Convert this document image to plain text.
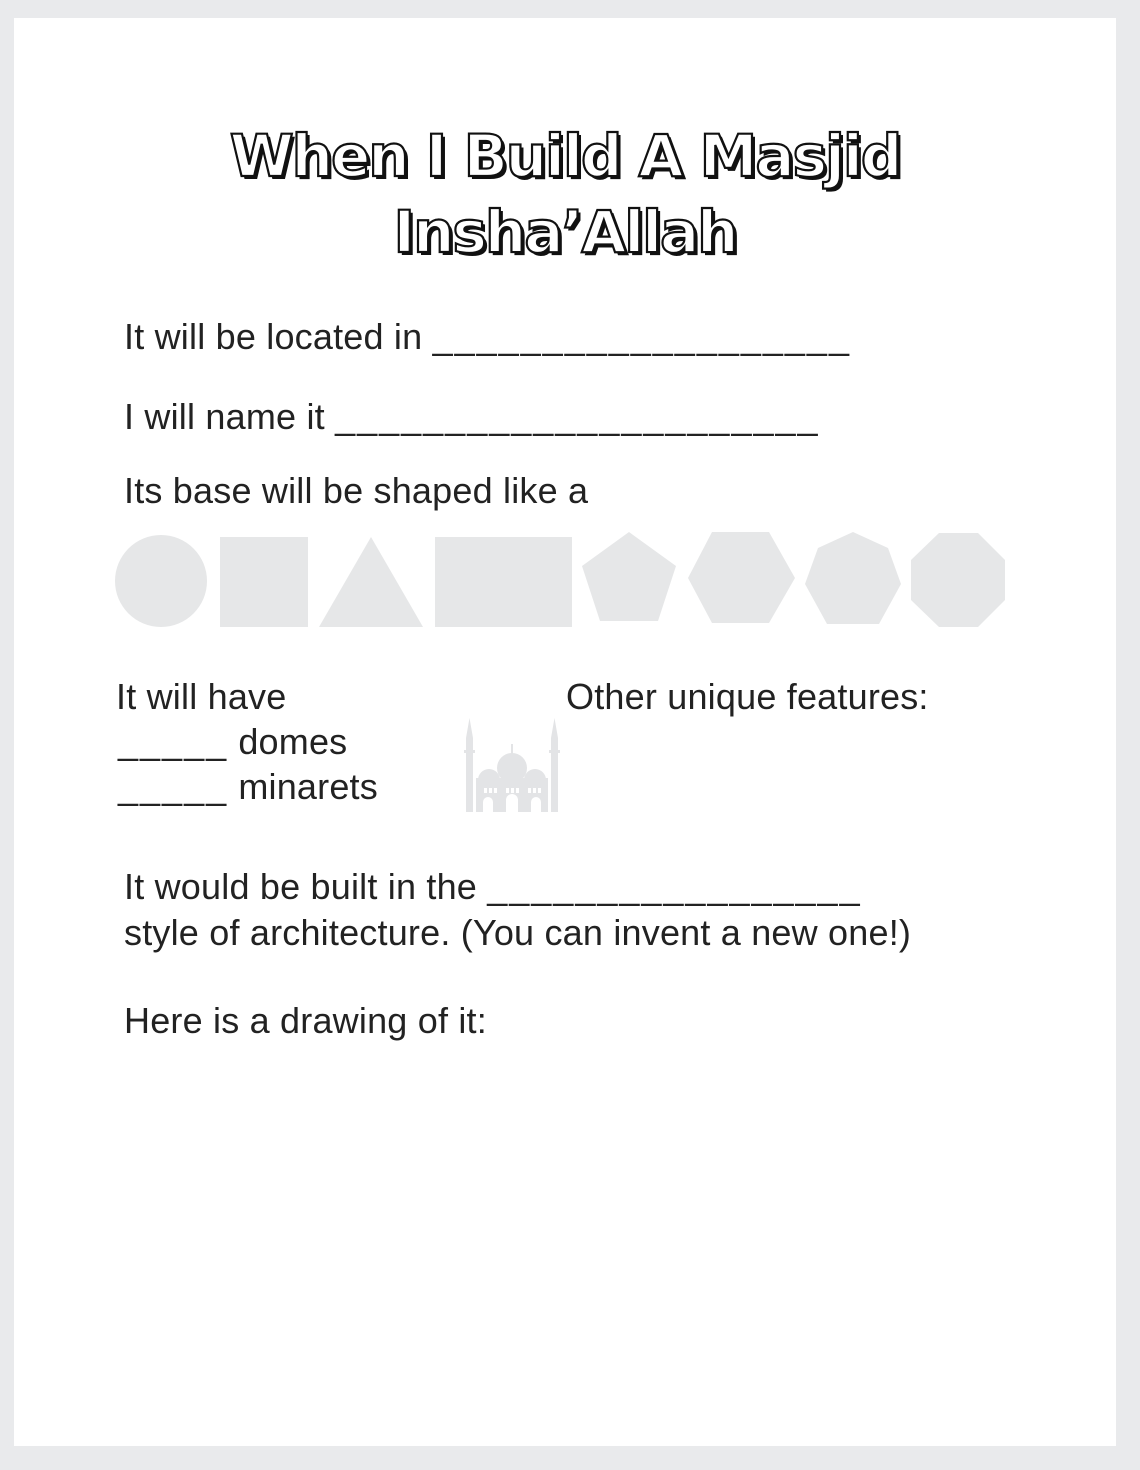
When I Build A Masjid
Insha’Allah
It will be located in ___________________
I will name it ______________________
Its base will be shaped like a
It will have
_____ domes
_____ minarets
Other unique features:
It would be built in the _________________
style of architecture. (You can invent a new one!)
Here is a drawing of it:
